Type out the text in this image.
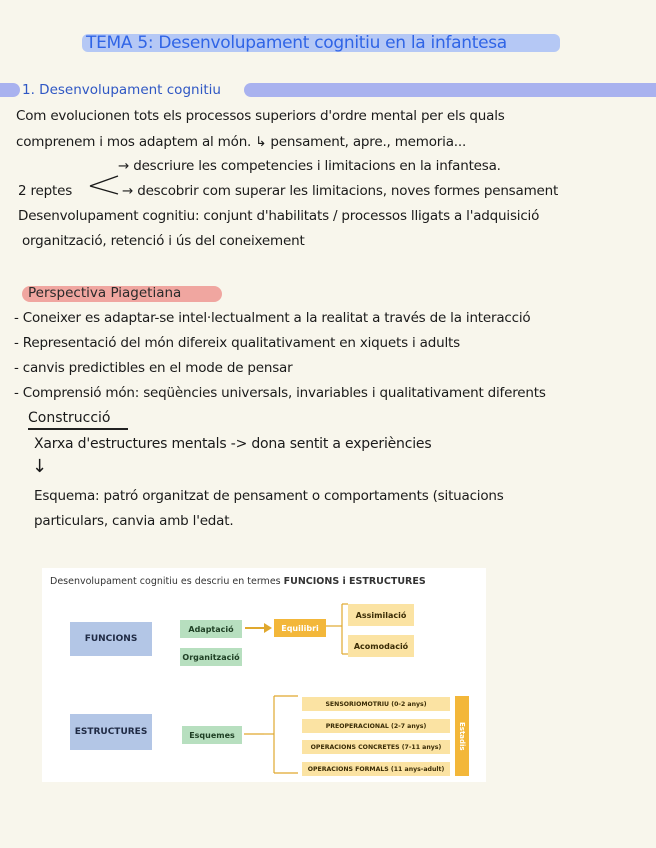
TEMA 5: Desenvolupament cognitiu en la infantesa
1. Desenvolupament cognitiu
Com evolucionen tots els processos superiors d'ordre mental per els quals
comprenem i mos adaptem al món. ↳ pensament, apre., memoria...
→ descriure les competencies i limitacions en la infantesa.
2 reptes	→ descobrir com superar les limitacions, noves formes pensament
Desenvolupament cognitiu: conjunt d'habilitats / processos lligats a l'adquisició
organització, retenció i ús del coneixement
Perspectiva Piagetiana
- Coneixer es adaptar-se intel·lectualment a la realitat a través de la interacció
- Representació del món difereix qualitativament en xiquets i adults
- canvis predictibles en el mode de pensar
- Comprensió món: seqüències universals, invariables i qualitativament diferents
Construcció
Xarxa d'estructures mentals -> dona sentit a experiències
↓
Esquema: patró organitzat de pensament o comportaments (situacions
particulars, canvia amb l'edat.
Desenvolupament cognitiu es descriu en termes FUNCIONS i ESTRUCTURES
FUNCIONS
ESTRUCTURES
Adaptació
Organització
Esquemes
Equilibri
Assimilació
Acomodació
SENSORIOMOTRIU (0-2 anys)
PREOPERACIONAL (2-7 anys)
OPERACIONS CONCRETES (7-11 anys)
OPERACIONS FORMALS (11 anys-adult)
Estadis
